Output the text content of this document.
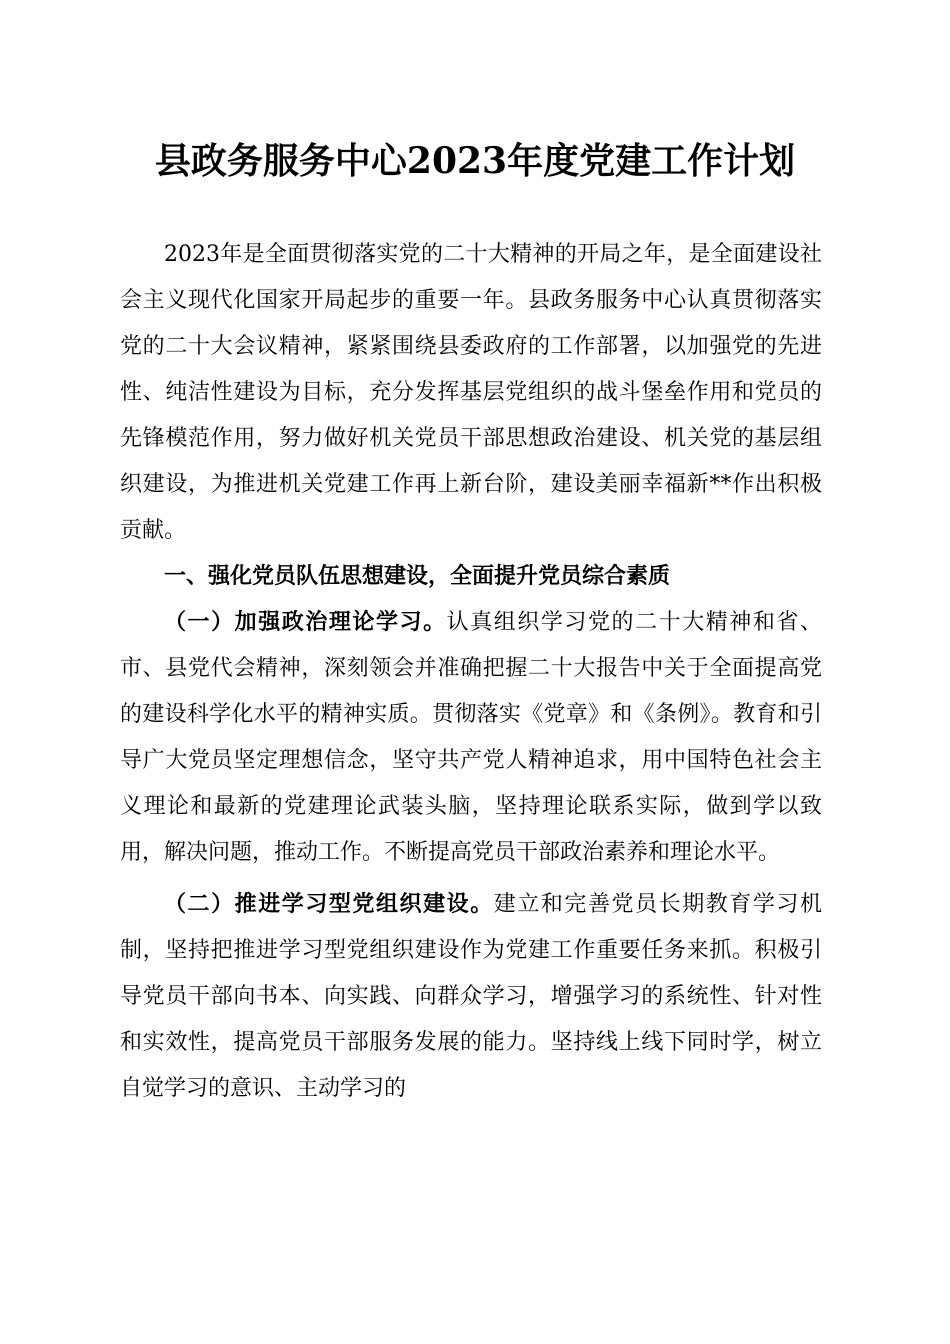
县政务服务中心2023年度党建工作计划

2023年是全面贯彻落实党的二十大精神的开局之年，是全面建设社会主义现代化国家开局起步的重要一年。县政务服务中心认真贯彻落实党的二十大会议精神，紧紧围绕县委政府的工作部署，以加强党的先进性、纯洁性建设为目标，充分发挥基层党组织的战斗堡垒作用和党员的先锋模范作用，努力做好机关党员干部思想政治建设、机关党的基层组织建设，为推进机关党建工作再上新台阶，建设美丽幸福新**作出积极贡献。

一、强化党员队伍思想建设，全面提升党员综合素质

（一）加强政治理论学习。认真组织学习党的二十大精神和省、市、县党代会精神，深刻领会并准确把握二十大报告中关于全面提高党的建设科学化水平的精神实质。贯彻落实《党章》和《条例》。教育和引导广大党员坚定理想信念，坚守共产党人精神追求，用中国特色社会主义理论和最新的党建理论武装头脑，坚持理论联系实际，做到学以致用，解决问题，推动工作。不断提高党员干部政治素养和理论水平。

（二）推进学习型党组织建设。建立和完善党员长期教育学习机制，坚持把推进学习型党组织建设作为党建工作重要任务来抓。积极引导党员干部向书本、向实践、向群众学习，增强学习的系统性、针对性和实效性，提高党员干部服务发展的能力。坚持线上线下同时学，树立自觉学习的意识、主动学习的
